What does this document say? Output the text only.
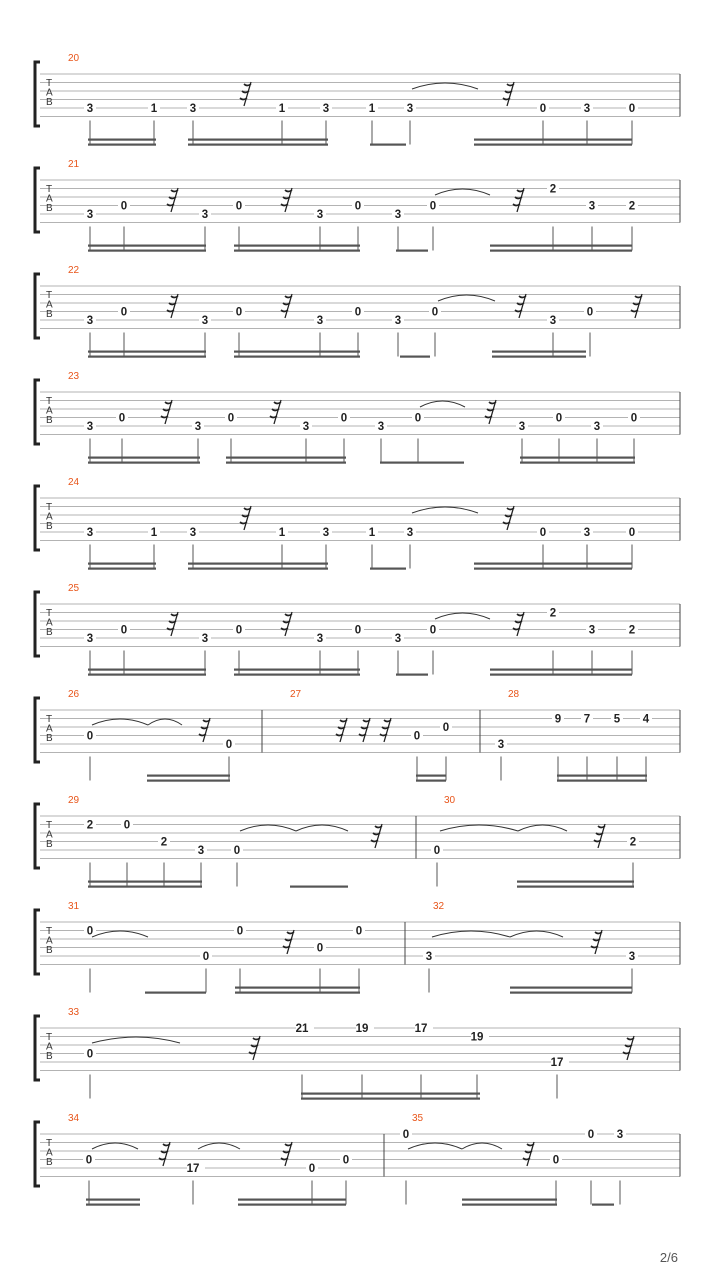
T
A
B
20
3	1	3	1	3	1	3	0	3	0
T
A
B
21
3
0
3
0
3
0
3
0
2
3	2
T
A
B
22
3
0
3
0
3
0
3
0
3
0
T
A
B
23
3
0
3
0
3
0
3
0
3
0
3
0
T
A
B
24
3	1	3	1	3	1	3	0	3	0
T
A
B
25
3
0
3
0
3
0
3
0
2
3	2
T
A
B
26	27	28
0
0
0
0
3
9 7 5 4
T
A
B
29	30
2	0
2
3	0	0
2
T
A
B
31	32
0
0
0
0
0
3	3
T
A
B
33
0
21	19	17
19
17
T
A
B
34	35
0
17	0
0
0
0
0 3
2/6
